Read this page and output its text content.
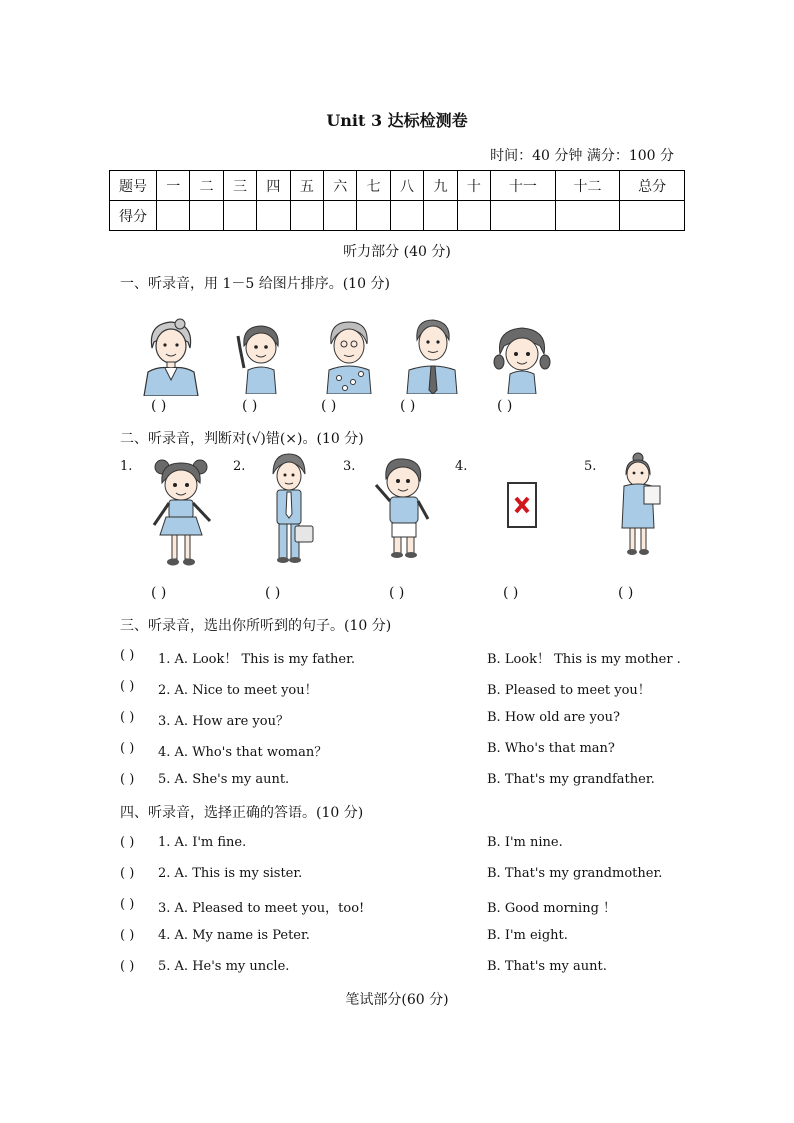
Unit 3 达标检测卷
时间：40 分钟 满分：100 分
题号	一	二	三	四	五	六	七	八	九	十	十一	十二	总分
得分													
听力部分 (40 分)
一、听录音，用 1－5 给图片排序。(10 分)
( )	( )	( )	( )	( )
二、听录音，判断对(√)错(×)。(10 分)
1.	2.	3.	4.	5.
( )	( )	( )	( )	( )
三、听录音，选出你所听到的句子。(10 分)
( ) 1. A. Look！ This is my father.	B. Look！ This is my mother .
( ) 2. A. Nice to meet you！	B. Pleased to meet you！
( ) 3. A. How are you？	B. How old are you?
( ) 4. A. Who's that woman？	B. Who's that man?
( ) 5. A. She's my aunt.	B. That's my grandfather.
四、听录音，选择正确的答语。(10 分)
( ) 1. A. I'm fine.	B. I'm nine.
( ) 2. A. This is my sister.	B. That's my grandmother.
( ) 3. A. Pleased to meet you，too!	B. Good morning ！
( ) 4. A. My name is Peter.	B. I'm eight.
( ) 5. A. He's my uncle.	B. That's my aunt.
笔试部分(60 分)
